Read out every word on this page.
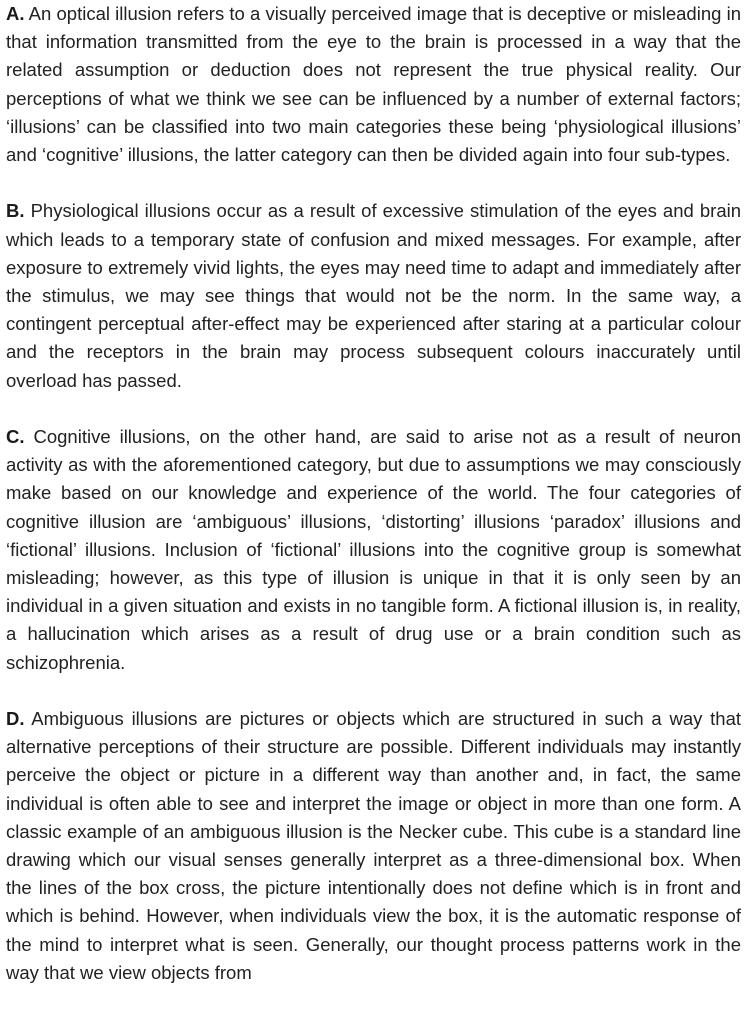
A. An optical illusion refers to a visually perceived image that is deceptive or misleading in that information transmitted from the eye to the brain is processed in a way that the related assumption or deduction does not represent the true physical reality. Our perceptions of what we think we see can be influenced by a number of external factors; ‘illusions’ can be classified into two main categories these being ‘physiological illusions’ and ‘cognitive’ illusions, the latter category can then be divided again into four sub-types.

B. Physiological illusions occur as a result of excessive stimulation of the eyes and brain which leads to a temporary state of confusion and mixed messages. For example, after exposure to extremely vivid lights, the eyes may need time to adapt and immediately after the stimulus, we may see things that would not be the norm. In the same way, a contingent perceptual after-effect may be experienced after staring at a particular colour and the receptors in the brain may process subsequent colours inaccurately until overload has passed.

C. Cognitive illusions, on the other hand, are said to arise not as a result of neuron activity as with the aforementioned category, but due to assumptions we may consciously make based on our knowledge and experience of the world. The four categories of cognitive illusion are ‘ambiguous’ illusions, ‘distorting’ illusions ‘paradox’ illusions and ‘fictional’ illusions. Inclusion of ‘fictional’ illusions into the cognitive group is somewhat misleading; however, as this type of illusion is unique in that it is only seen by an individual in a given situation and exists in no tangible form. A fictional illusion is, in reality, a hallucination which arises as a result of drug use or a brain condition such as schizophrenia.

D. Ambiguous illusions are pictures or objects which are structured in such a way that alternative perceptions of their structure are possible. Different individuals may instantly perceive the object or picture in a different way than another and, in fact, the same individual is often able to see and interpret the image or object in more than one form. A classic example of an ambiguous illusion is the Necker cube. This cube is a standard line drawing which our visual senses generally interpret as a three-dimensional box. When the lines of the box cross, the picture intentionally does not define which is in front and which is behind. However, when individuals view the box, it is the automatic response of the mind to interpret what is seen. Generally, our thought process patterns work in the way that we view objects from
